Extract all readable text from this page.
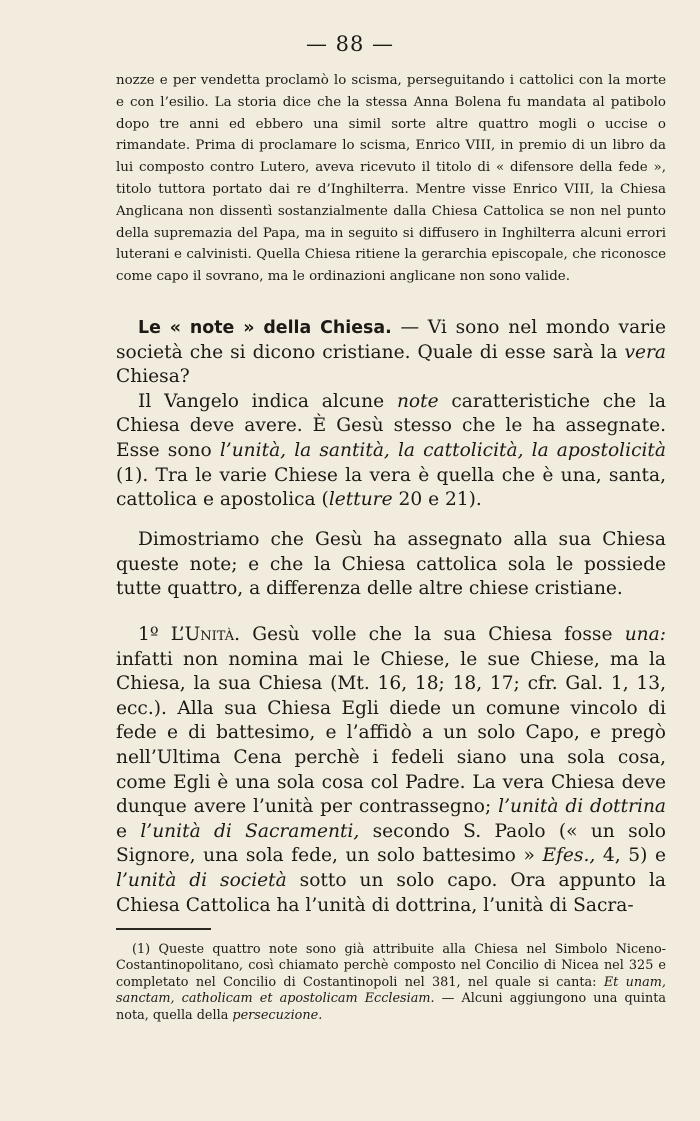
— 88 —
nozze e per vendetta proclamò lo scisma, perseguitando i cattolici con la morte e con l’esilio. La storia dice che la stessa Anna Bolena fu mandata al patibolo dopo tre anni ed ebbero una simil sorte altre quattro mogli o uccise o rimandate. Prima di proclamare lo scisma, Enrico VIII, in premio di un libro da lui composto contro Lutero, aveva ricevuto il titolo di « difensore della fede », titolo tuttora portato dai re d’Inghilterra. Mentre visse Enrico VIII, la Chiesa Anglicana non dissentì sostanzialmente dalla Chiesa Cattolica se non nel punto della supremazia del Papa, ma in seguito si diffusero in Inghilterra alcuni errori luterani e calvinisti. Quella Chiesa ritiene la gerarchia episcopale, che riconosce come capo il sovrano, ma le ordinazioni anglicane non sono valide.

Le « note » della Chiesa. — Vi sono nel mondo varie società che si dicono cristiane. Quale di esse sarà la vera Chiesa?

Il Vangelo indica alcune note caratteristiche che la Chiesa deve avere. È Gesù stesso che le ha assegnate. Esse sono l’unità, la santità, la cattolicità, la apostolicità (1). Tra le varie Chiese la vera è quella che è una, santa, cattolica e apostolica (letture 20 e 21).

Dimostriamo che Gesù ha assegnato alla sua Chiesa queste note; e che la Chiesa cattolica sola le possiede tutte quattro, a differenza delle altre chiese cristiane.

1º L’Unità. Gesù volle che la sua Chiesa fosse una: infatti non nomina mai le Chiese, le sue Chiese, ma la Chiesa, la sua Chiesa (Mt. 16, 18; 18, 17; cfr. Gal. 1, 13, ecc.). Alla sua Chiesa Egli diede un comune vincolo di fede e di battesimo, e l’affidò a un solo Capo, e pregò nell’Ultima Cena perchè i fedeli siano una sola cosa, come Egli è una sola cosa col Padre. La vera Chiesa deve dunque avere l’unità per contrassegno; l’unità di dottrina e l’unità di Sacramenti, secondo S. Paolo (« un solo Signore, una sola fede, un solo battesimo » Efes., 4, 5) e l’unità di società sotto un solo capo. Ora appunto la Chiesa Cattolica ha l’unità di dottrina, l’unità di Sacra-

(1) Queste quattro note sono già attribuite alla Chiesa nel Simbolo Niceno-Costantinopolitano, così chiamato perchè composto nel Concilio di Nicea nel 325 e completato nel Concilio di Costantinopoli nel 381, nel quale si canta: Et unam, sanctam, catholicam et apostolicam Ecclesiam. — Alcuni aggiungono una quinta nota, quella della persecuzione.
